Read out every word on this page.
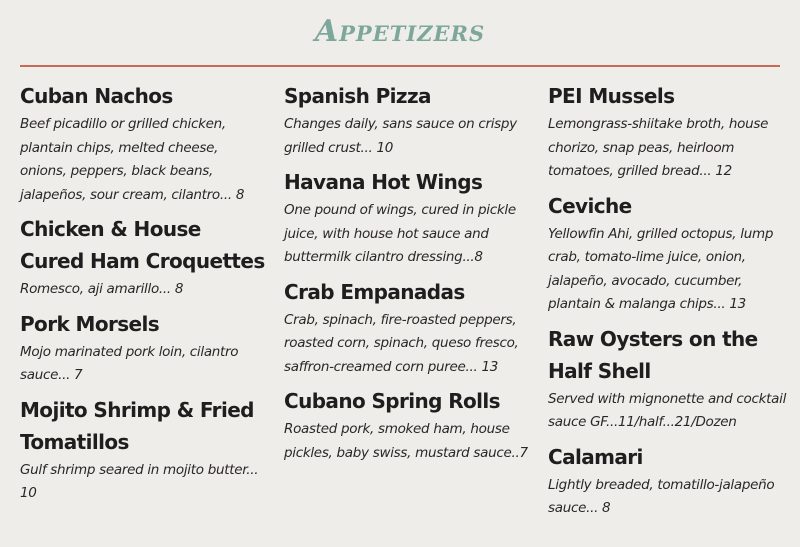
Appetizers
Cuban Nachos
Beef picadillo or grilled chicken, plantain chips, melted cheese, onions, peppers, black beans, jalapeños, sour cream, cilantro... 8
Chicken & House Cured Ham Croquettes
Romesco, aji amarillo... 8
Pork Morsels
Mojo marinated pork loin, cilantro sauce... 7
Mojito Shrimp & Fried Tomatillos
Gulf shrimp seared in mojito butter... 10
Spanish Pizza
Changes daily, sans sauce on crispy grilled crust... 10
Havana Hot Wings
One pound of wings, cured in pickle juice, with house hot sauce and buttermilk cilantro dressing...8
Crab Empanadas
Crab, spinach, fire-roasted peppers, roasted corn, spinach, queso fresco, saffron-creamed corn puree... 13
Cubano Spring Rolls
Roasted pork, smoked ham, house pickles, baby swiss, mustard sauce..7
PEI Mussels
Lemongrass-shiitake broth, house chorizo, snap peas, heirloom tomatoes, grilled bread... 12
Ceviche
Yellowfin Ahi, grilled octopus, lump crab, tomato-lime juice, onion, jalapeño, avocado, cucumber, plantain & malanga chips... 13
Raw Oysters on the Half Shell
Served with mignonette and cocktail sauce GF...11/half...21/Dozen
Calamari
Lightly breaded, tomatillo-jalapeño sauce... 8
